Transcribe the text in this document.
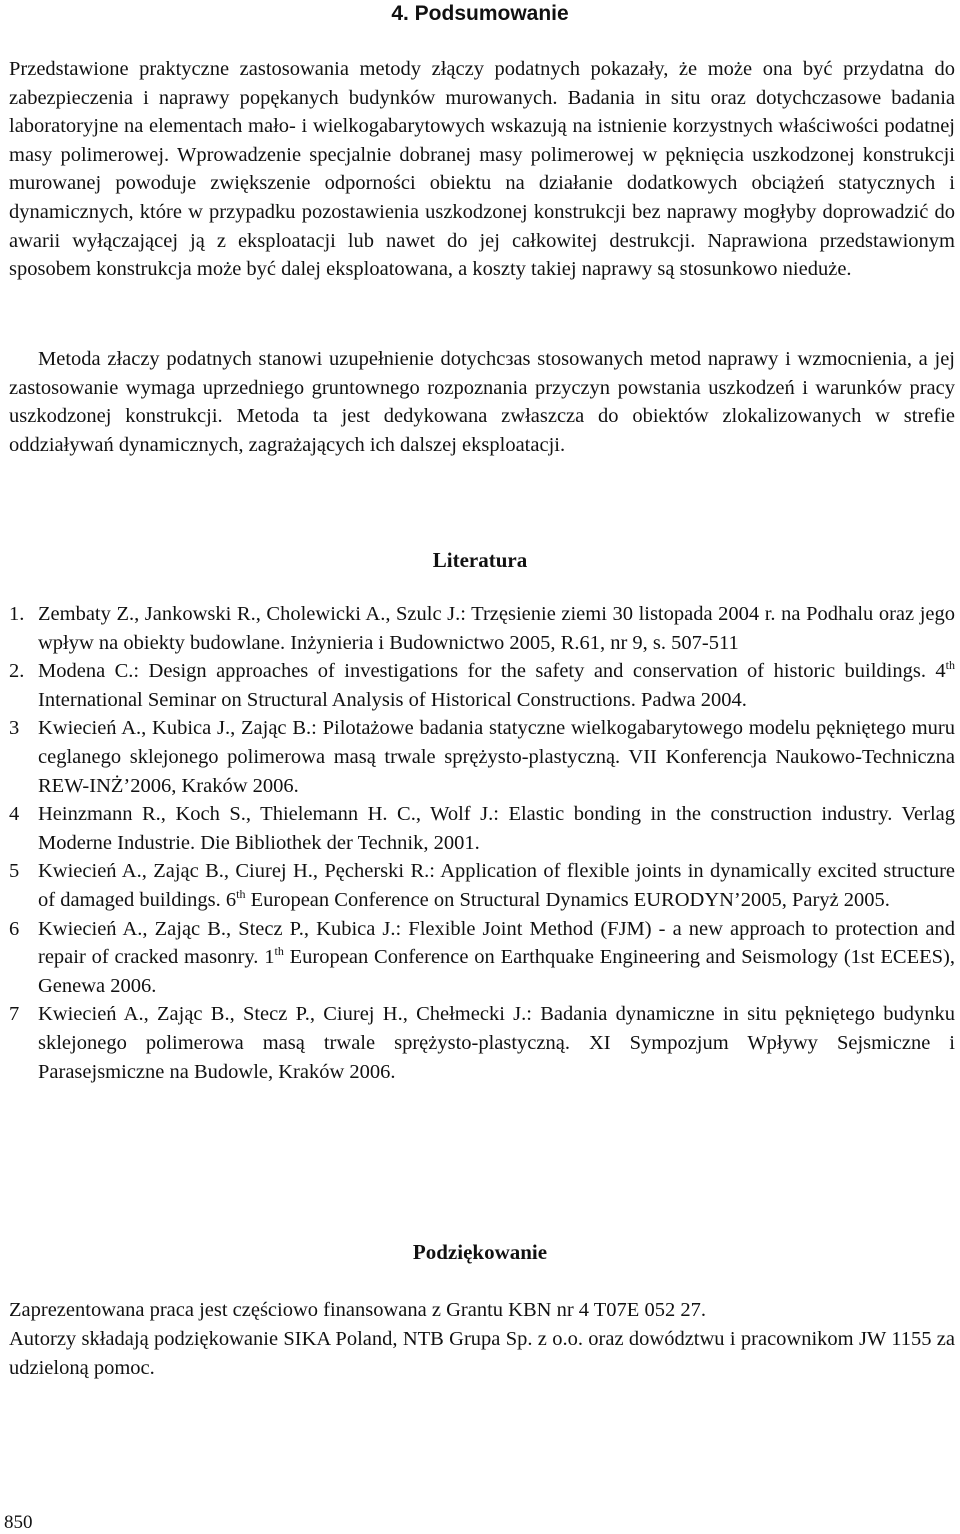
4. Podsumowanie

Przedstawione praktyczne zastosowania metody złączy podatnych pokazały, że może ona być przydatna do zabezpieczenia i naprawy popękanych budynków murowanych. Badania in situ oraz dotychczasowe badania laboratoryjne na elementach mało- i wielkogabarytowych wskazują na istnienie korzystnych właściwości podatnej masy polimerowej. Wprowadzenie specjalnie dobranej masy polimerowej w pęknięcia uszkodzonej konstrukcji murowanej powoduje zwiększenie odporności obiektu na działanie dodatkowych obciążeń statycznych i dynamicznych, które w przypadku pozostawienia uszkodzonej konstrukcji bez naprawy mogłyby doprowadzić do awarii wyłączającej ją z eksploatacji lub nawet do jej całkowitej destrukcji. Naprawiona przedstawionym sposobem konstrukcja może być dalej eksploatowana, a koszty takiej naprawy są stosunkowo niedużе.

Metoda złaczy podatnych stanowi uzupełnienie dotychcзas stosowanych metod naprawy i wzmocnienia, a jej zastosowanie wymaga uprzedniego gruntownego rozpoznania przyczyn powstania uszkodzeń i warunków pracy uszkodzonej konstrukcji. Metoda ta jest dedykowana zwłaszcza do obiektów zlokalizowanych w strefie oddziaływań dynamicznych, zagrażających ich dalszej eksploatacji.

Literatura
1. Zembaty Z., Jankowski R., Cholewicki A., Szulc J.: Trzęsienie ziemi 30 listopada 2004 r. na Podhalu oraz jego wpływ na obiekty budowlane. Inżynieria i Budownictwo 2005, R.61, nr 9, s. 507-511
2. Modena C.: Design approaches of investigations for the safety and conservation of historic buildings. 4th International Seminar on Structural Analysis of Historical Constructions. Padwa 2004.
3 Kwiecień A., Kubica J., Zając B.: Pilotażowe badania statyczne wielkogabarytowego modelu pękniętego muru ceglanego sklejonego polimerowa masą trwale sprężysto-plastyczną. VII Konferencja Naukowo-Techniczna REW-INŻ’2006, Kraków 2006.
4 Heinzmann R., Koch S., Thielemann H. C., Wolf J.: Elastic bonding in the construction industry. Verlag Moderne Industrie. Die Bibliothek der Technik, 2001.
5 Kwiecień A., Zając B., Ciurej H., Pęcherski R.: Application of flexible joints in dynamically excited structure of damaged buildings. 6th European Conference on Structural Dynamics EURODYN’2005, Paryż 2005.
6 Kwiecień A., Zając B., Stecz P., Kubica J.: Flexible Joint Method (FJM) - a new approach to protection and repair of cracked masonry. 1th European Conference on Earthquake Engineering and Seismology (1st ECEES), Genewa 2006.
7 Kwiecień A., Zając B., Stecz P., Ciurej H., Chełmecki J.: Badania dynamiczne in situ pękniętego budynku sklejonego polimerowa masą trwale sprężysto-plastyczną. XI Sympozjum Wpływy Sejsmiczne i Parasejsmiczne na Budowle, Kraków 2006.
Podziękowanie

Zaprezentowana praca jest częściowo finansowana z Grantu KBN nr 4 T07E 052 27.

Autorzy składają podziękowanie SIKA Poland, NTB Grupa Sp. z o.o. oraz dowództwu i pracownikom JW 1155 za udzieloną pomoc.

850
